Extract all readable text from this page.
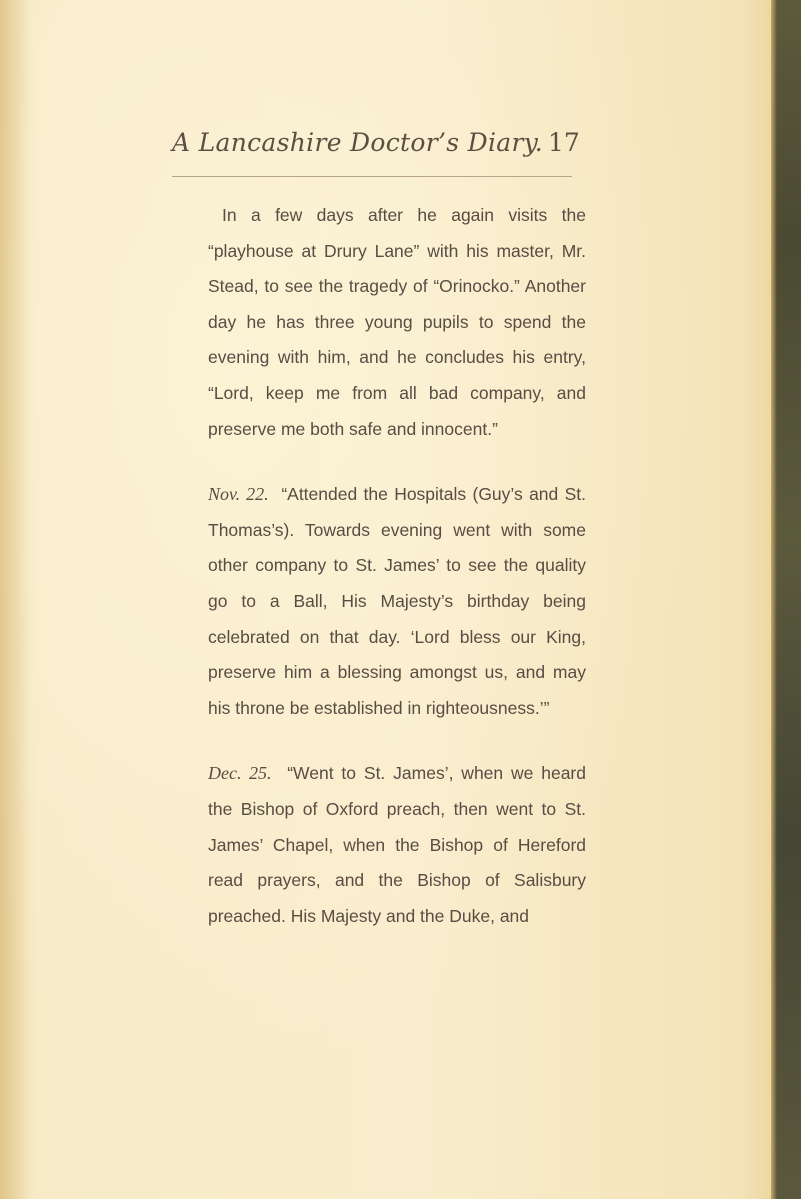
A Lancashire Doctor’s Diary. 17

In a few days after he again visits the “playhouse at Drury Lane” with his master, Mr. Stead, to see the tragedy of “Orinocko.” Another day he has three young pupils to spend the evening with him, and he concludes his entry, “Lord, keep me from all bad company, and preserve me both safe and innocent.”

Nov. 22. “Attended the Hospitals (Guy’s and St. Thomas’s). Towards evening went with some other company to St. James’ to see the quality go to a Ball, His Majesty’s birthday being celebrated on that day. ‘Lord bless our King, preserve him a blessing amongst us, and may his throne be established in righteousness.’”

Dec. 25. “Went to St. James’, when we heard the Bishop of Oxford preach, then went to St. James’ Chapel, when the Bishop of Hereford read prayers, and the Bishop of Salisbury preached. His Majesty and the Duke, and
